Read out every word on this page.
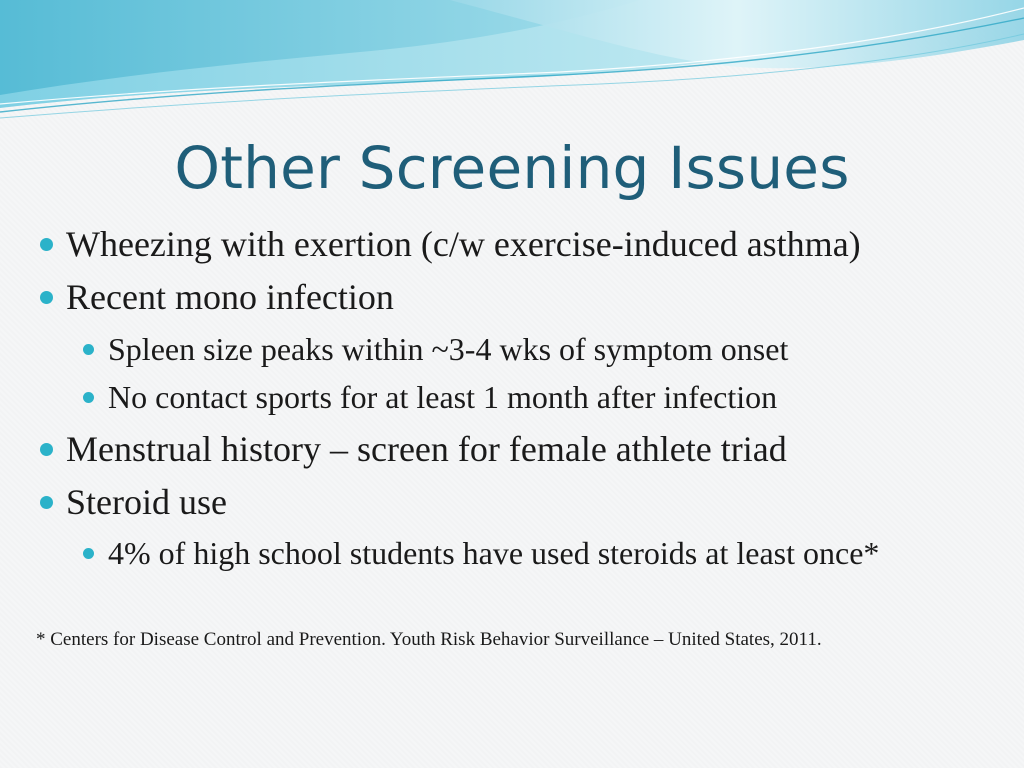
Other Screening Issues
Wheezing with exertion (c/w exercise-induced asthma)
Recent mono infection
Spleen size peaks within ~3-4 wks of symptom onset
No contact sports for at least 1 month after infection
Menstrual history – screen for female athlete triad
Steroid use
4% of high school students have used steroids at least once*
* Centers for Disease Control and Prevention. Youth Risk Behavior Surveillance – United States, 2011.
